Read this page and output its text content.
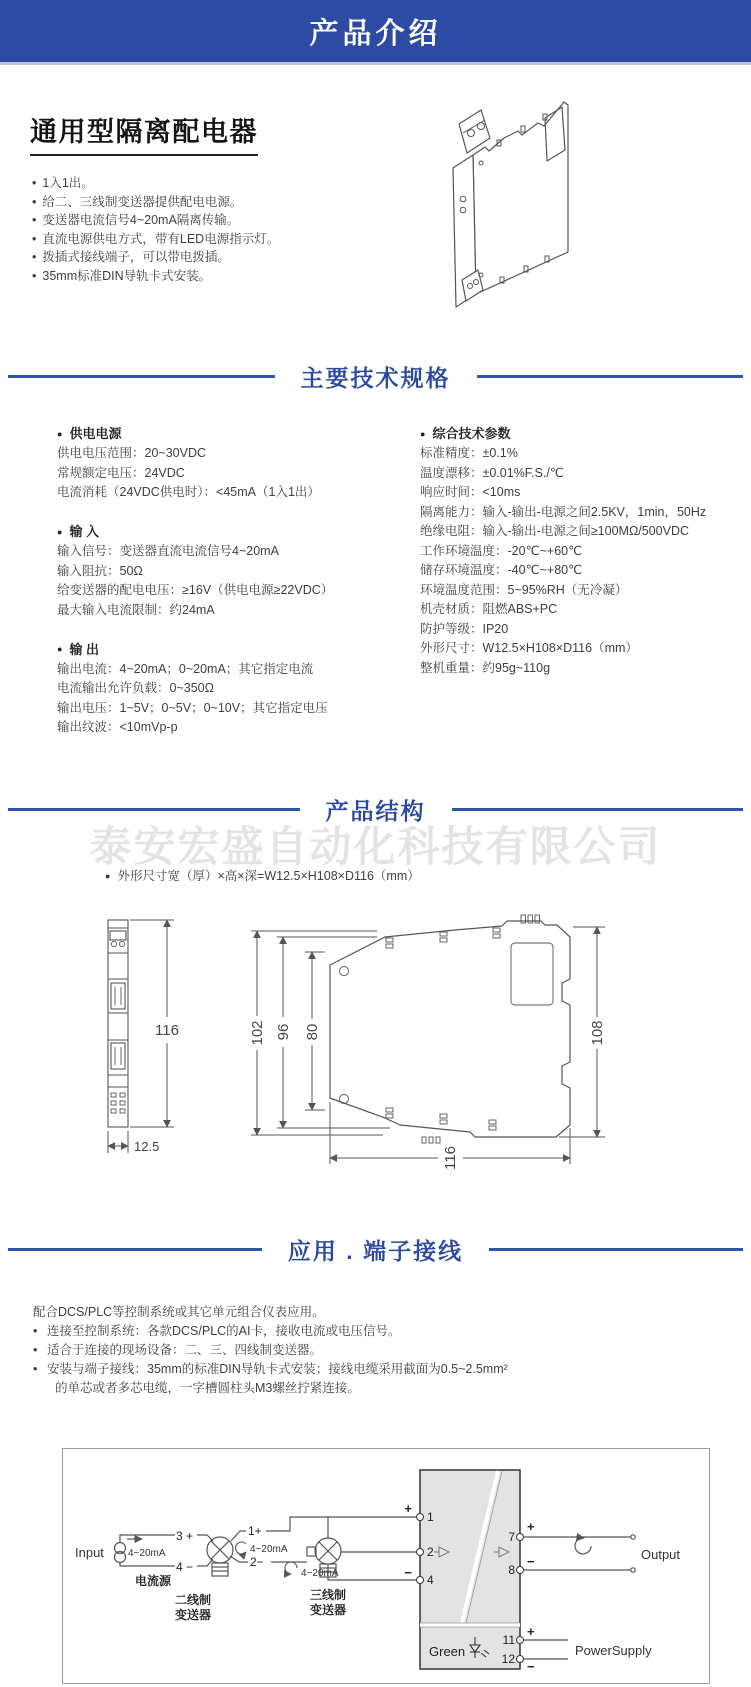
泰安宏盛自动化科技有限公司
产品介绍
通用型隔离配电器
• 1入1出。
• 给二、三线制变送器提供配电电源。
• 变送器电流信号4~20mA隔离传输。
• 直流电源供电方式，带有LED电源指示灯。
• 拨插式接线端子，可以带电拨插。
• 35mm标准DIN导轨卡式安装。
主要技术规格
● 供电电源
供电电压范围：20~30VDC
常规额定电压：24VDC
电流消耗（24VDC供电时）：<45mA（1入1出）
● 输 入
输入信号：变送器直流电流信号4~20mA
输入阻抗：50Ω
给变送器的配电电压：≥16V（供电电源≥22VDC）
最大输入电流限制：约24mA
● 输 出
输出电流：4~20mA；0~20mA；其它指定电流
电流输出允许负载：0~350Ω
输出电压：1~5V；0~5V；0~10V；其它指定电压
输出纹波：<10mVp-p
● 综合技术参数
标准精度：±0.1%
温度漂移：±0.01%F.S./℃
响应时间：<10ms
隔离能力：输入-输出-电源之间2.5KV，1min，50Hz
绝缘电阻：输入-输出-电源之间≥100MΩ/500VDC
工作环境温度：-20℃~+60℃
储存环境温度：-40℃~+80℃
环境温度范围：5~95%RH（无冷凝）
机壳材质：阻燃ABS+PC
防护等级：IP20
外形尺寸：W12.5×H108×D116（mm）
整机重量：约95g~110g
产品结构
● 外形尺寸宽（厚）×高×深=W12.5×H108×D116（mm）
116
12.5
102 96 80	108
116
应用 . 端子接线
配合DCS/PLC等控制系统或其它单元组合仪表应用。
• 连接至控制系统：各款DCS/PLC的AI卡，接收电流或电压信号。
• 适合于连接的现场设备：二、三、四线制变送器。
• 安装与端子接线：35mm的标准DIN导轨卡式安装；接线电缆采用截面为0.5~2.5mm²
的单芯或者多芯电缆，一字槽圆柱头M3螺丝拧紧连接。
Input 4~20mA
3 +
4 −
电流源
二线制
变送器
1+
2−
4~20mA
三线制
变送器
4~20mA
1
2
4
+
−
7
8
+
−	Output
Green
11
12
+
−
PowerSupply
